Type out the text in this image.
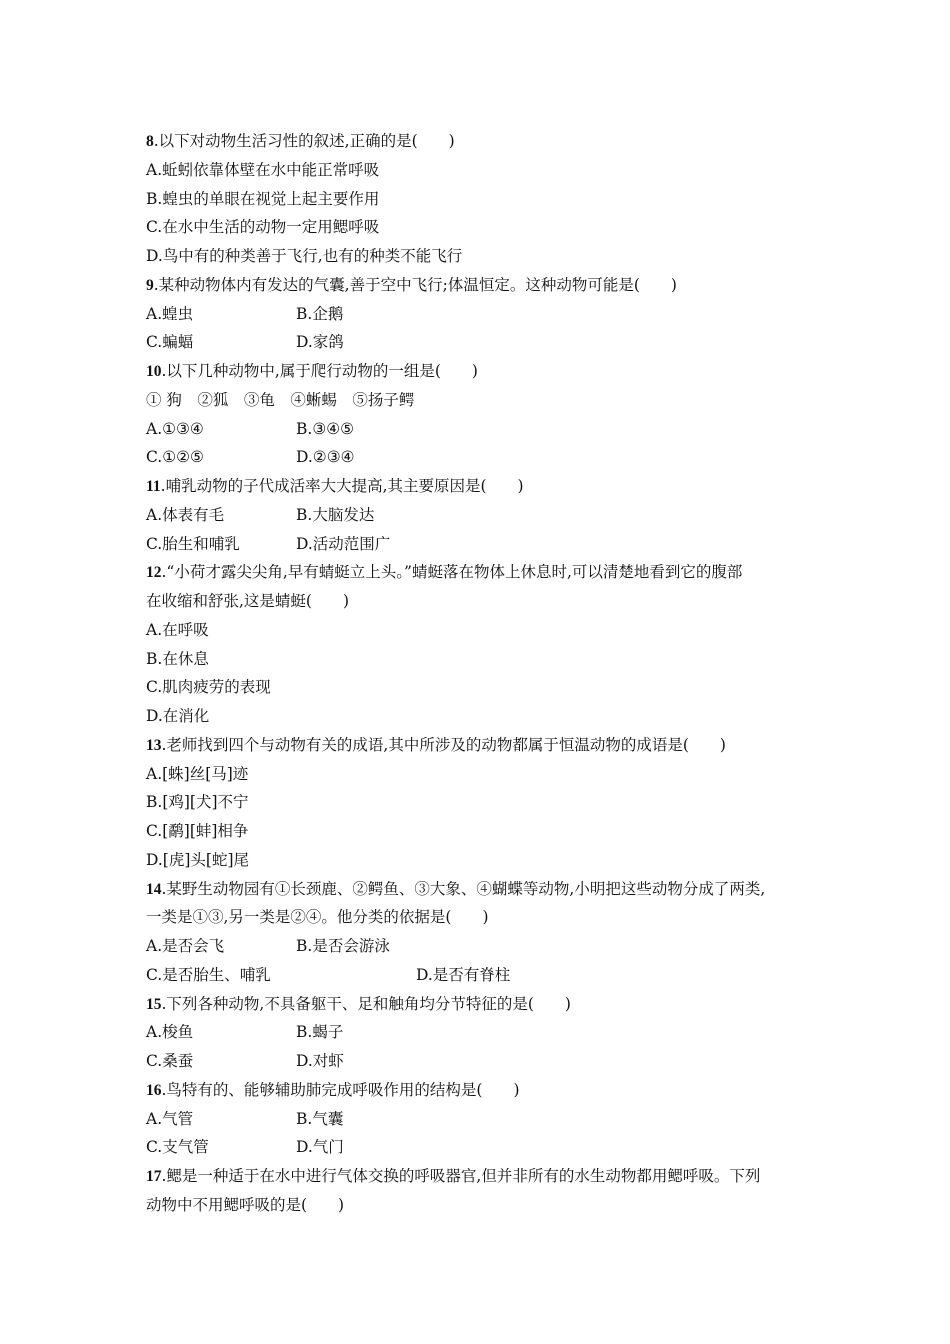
8.以下对动物生活习性的叙述,正确的是(　　)
A.蚯蚓依靠体壁在水中能正常呼吸
B.蝗虫的单眼在视觉上起主要作用
C.在水中生活的动物一定用鳃呼吸
D.鸟中有的种类善于飞行,也有的种类不能飞行
9.某种动物体内有发达的气囊,善于空中飞行;体温恒定。这种动物可能是(　　)
A.蝗虫	B.企鹅
C.蝙蝠	D.家鸽
10.以下几种动物中,属于爬行动物的一组是(　　)
① 狗　②狐　③龟　④蜥蜴　⑤扬子鳄
A.①③④	B.③④⑤
C.①②⑤	D.②③④
11.哺乳动物的子代成活率大大提高,其主要原因是(　　)
A.体表有毛	B.大脑发达
C.胎生和哺乳	D.活动范围广
12.“小荷才露尖尖角,早有蜻蜓立上头。”蜻蜓落在物体上休息时,可以清楚地看到它的腹部
在收缩和舒张,这是蜻蜓(　　)
A.在呼吸
B.在休息
C.肌肉疲劳的表现
D.在消化
13.老师找到四个与动物有关的成语,其中所涉及的动物都属于恒温动物的成语是(　　)
A.[蛛]丝[马]迹
B.[鸡][犬]不宁
C.[鹬][蚌]相争
D.[虎]头[蛇]尾
14.某野生动物园有①长颈鹿、②鳄鱼、③大象、④蝴蝶等动物,小明把这些动物分成了两类,
一类是①③,另一类是②④。他分类的依据是(　　)
A.是否会飞	B.是否会游泳
C.是否胎生、哺乳	D.是否有脊柱
15.下列各种动物,不具备躯干、足和触角均分节特征的是(　　)
A.梭鱼	B.蝎子
C.桑蚕	D.对虾
16.鸟特有的、能够辅助肺完成呼吸作用的结构是(　　)
A.气管	B.气囊
C.支气管	D.气门
17.鳃是一种适于在水中进行气体交换的呼吸器官,但并非所有的水生动物都用鳃呼吸。下列
动物中不用鳃呼吸的是(　　)
